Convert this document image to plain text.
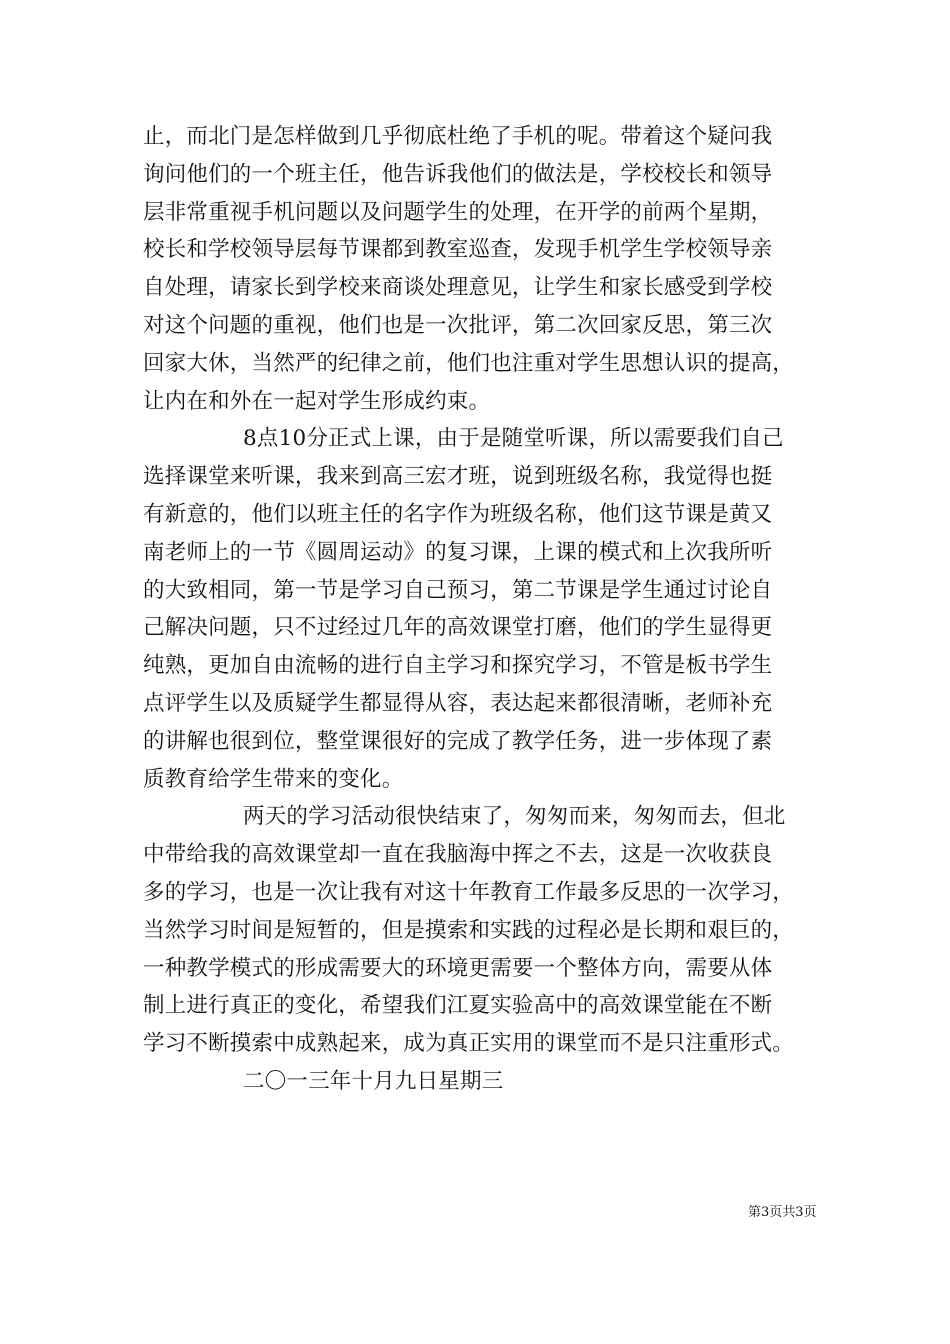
止，而北门是怎样做到几乎彻底杜绝了手机的呢。带着这个疑问我
询问他们的一个班主任，他告诉我他们的做法是，学校校长和领导
层非常重视手机问题以及问题学生的处理，在开学的前两个星期，
校长和学校领导层每节课都到教室巡查，发现手机学生学校领导亲
自处理，请家长到学校来商谈处理意见，让学生和家长感受到学校
对这个问题的重视，他们也是一次批评，第二次回家反思，第三次
回家大休，当然严的纪律之前，他们也注重对学生思想认识的提高，
让内在和外在一起对学生形成约束。
8点10分正式上课，由于是随堂听课，所以需要我们自己
选择课堂来听课，我来到高三宏才班，说到班级名称，我觉得也挺
有新意的，他们以班主任的名字作为班级名称，他们这节课是黄又
南老师上的一节《圆周运动》的复习课，上课的模式和上次我所听
的大致相同，第一节是学习自己预习，第二节课是学生通过讨论自
己解决问题，只不过经过几年的高效课堂打磨，他们的学生显得更
纯熟，更加自由流畅的进行自主学习和探究学习，不管是板书学生
点评学生以及质疑学生都显得从容，表达起来都很清晰，老师补充
的讲解也很到位，整堂课很好的完成了教学任务，进一步体现了素
质教育给学生带来的变化。
两天的学习活动很快结束了，匆匆而来，匆匆而去，但北
中带给我的高效课堂却一直在我脑海中挥之不去，这是一次收获良
多的学习，也是一次让我有对这十年教育工作最多反思的一次学习，
当然学习时间是短暂的，但是摸索和实践的过程必是长期和艰巨的，
一种教学模式的形成需要大的环境更需要一个整体方向，需要从体
制上进行真正的变化，希望我们江夏实验高中的高效课堂能在不断
学习不断摸索中成熟起来，成为真正实用的课堂而不是只注重形式。
二〇一三年十月九日星期三
第3页共3页
